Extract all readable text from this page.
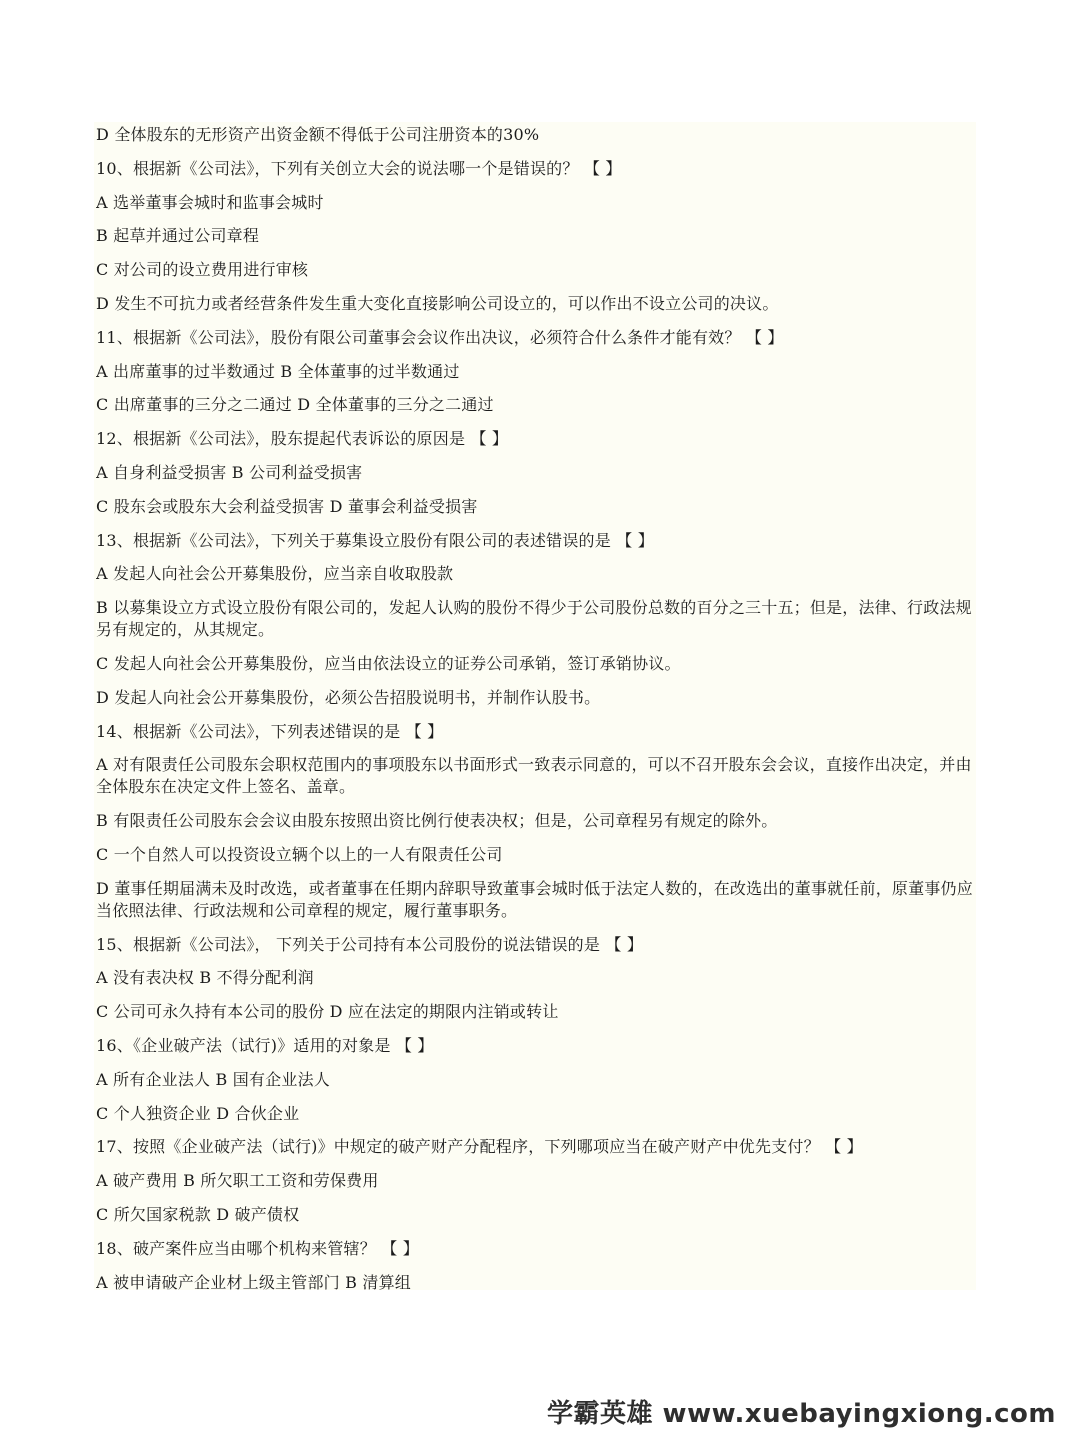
D 全体股东的无形资产出资金额不得低于公司注册资本的30%

10、根据新《公司法》，下列有关创立大会的说法哪一个是错误的？ 【 】

A 选举董事会城时和监事会城时

B 起草并通过公司章程

C 对公司的设立费用进行审核

D 发生不可抗力或者经营条件发生重大变化直接影响公司设立的，可以作出不设立公司的决议。

11、根据新《公司法》，股份有限公司董事会会议作出决议，必须符合什么条件才能有效？ 【 】

A 出席董事的过半数通过 B 全体董事的过半数通过

C 出席董事的三分之二通过 D 全体董事的三分之二通过

12、根据新《公司法》，股东提起代表诉讼的原因是 【 】

A 自身利益受损害 B 公司利益受损害

C 股东会或股东大会利益受损害 D 董事会利益受损害

13、根据新《公司法》，下列关于募集设立股份有限公司的表述错误的是 【 】

A 发起人向社会公开募集股份，应当亲自收取股款

B 以募集设立方式设立股份有限公司的，发起人认购的股份不得少于公司股份总数的百分之三十五；但是，法律、行政法规另有规定的，从其规定。

C 发起人向社会公开募集股份，应当由依法设立的证券公司承销，签订承销协议。

D 发起人向社会公开募集股份，必须公告招股说明书，并制作认股书。

14、根据新《公司法》，下列表述错误的是 【 】

A 对有限责任公司股东会职权范围内的事项股东以书面形式一致表示同意的，可以不召开股东会会议，直接作出决定，并由全体股东在决定文件上签名、盖章。

B 有限责任公司股东会会议由股东按照出资比例行使表决权；但是，公司章程另有规定的除外。

C 一个自然人可以投资设立辆个以上的一人有限责任公司

D 董事任期届满未及时改选，或者董事在任期内辞职导致董事会城时低于法定人数的，在改选出的董事就任前，原董事仍应当依照法律、行政法规和公司章程的规定，履行董事职务。

15、根据新《公司法》， 下列关于公司持有本公司股份的说法错误的是 【 】

A 没有表决权 B 不得分配利润

C 公司可永久持有本公司的股份 D 应在法定的期限内注销或转让

16、《企业破产法（试行)》适用的对象是 【 】

A 所有企业法人 B 国有企业法人

C 个人独资企业 D 合伙企业

17、按照《企业破产法（试行)》中规定的破产财产分配程序，下列哪项应当在破产财产中优先支付？ 【 】

A 破产费用 B 所欠职工工资和劳保费用

C 所欠国家税款 D 破产债权

18、破产案件应当由哪个机构来管辖？ 【 】

A 被申请破产企业材上级主管部门 B 清算组

学霸英雄 www.xuebayingxiong.com
